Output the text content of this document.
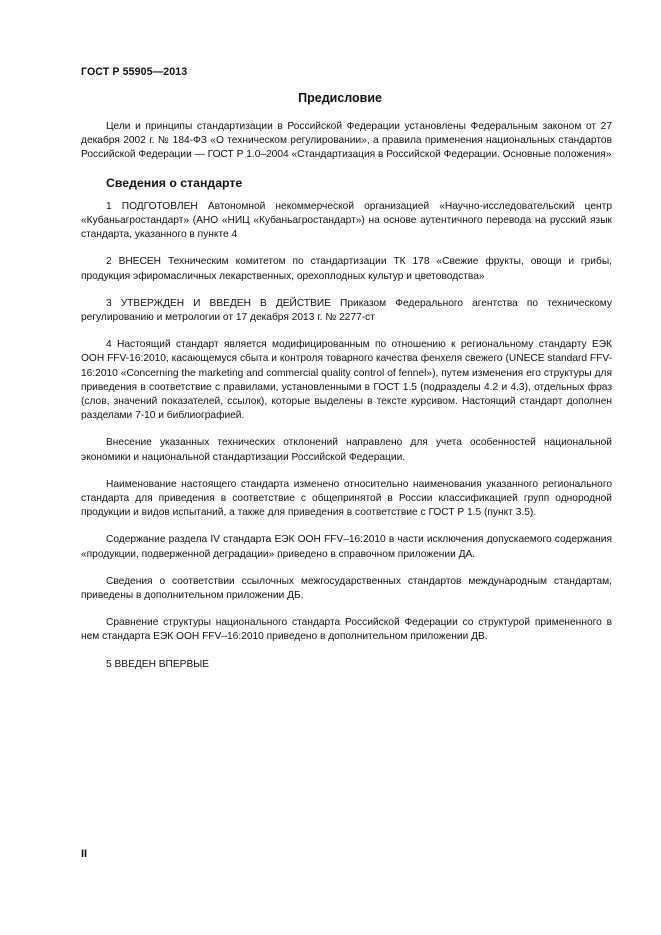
ГОСТ Р 55905—2013
Предисловие

Цели и принципы стандартизации в Российской Федерации установлены Федеральным законом от 27 декабря 2002 г. № 184-ФЗ «О техническом регулировании», а правила применения национальных стандартов Российской Федерации — ГОСТ Р 1.0–2004 «Стандартизация в Российской Федерации. Основные положения»

Сведения о стандарте

1 ПОДГОТОВЛЕН Автономной некоммерческой организацией «Научно-исследовательский центр «Кубаньагростандарт» (АНО «НИЦ «Кубаньагростандарт») на основе аутентичного перевода на русский язык стандарта, указанного в пункте 4

2 ВНЕСЕН Техническим комитетом по стандартизации ТК 178 «Свежие фрукты, овощи и грибы, продукция эфиромасличных лекарственных, орехоплодных культур и цветоводства»

3 УТВЕРЖДЕН И ВВЕДЕН В ДЕЙСТВИЕ Приказом Федерального агентства по техническому регулированию и метрологии от 17 декабря 2013 г. № 2277-ст

4 Настоящий стандарт является модифицированным по отношению к региональному стандарту ЕЭК ООН FFV-16:2010, касающемуся сбыта и контроля товарного качества фенхеля свежего (UNECE standard FFV-16:2010 «Concerning the marketing and commercial quality control of fennel»), путем изменения его структуры для приведения в соответствие с правилами, установленными в ГОСТ 1.5 (подразделы 4.2 и 4.3), отдельных фраз (слов, значений показателей, ссылок), которые выделены в тексте курсивом. Настоящий стандарт дополнен разделами 7-10 и библиографией.

Внесение указанных технических отклонений направлено для учета особенностей национальной экономики и национальной стандартизации Российской Федерации.

Наименование настоящего стандарта изменено относительно наименования указанного регионального стандарта для приведения в соответствие с общепринятой в России классификацией групп однородной продукции и видов испытаний, а также для приведения в соответствие с ГОСТ Р 1.5 (пункт 3.5).

Содержание раздела IV стандарта ЕЭК ООН FFV–16:2010 в части исключения допускаемого содержания «продукции, подверженной деградации» приведено в справочном приложении ДА.

Сведения о соответствии ссылочных межгосударственных стандартов международным стандартам, приведены в дополнительном приложении ДБ.

Сравнение структуры национального стандарта Российской Федерации со структурой примененного в нем стандарта ЕЭК ООН FFV–16:2010 приведено в дополнительном приложении ДВ.

5 ВВЕДЕН ВПЕРВЫЕ

II
